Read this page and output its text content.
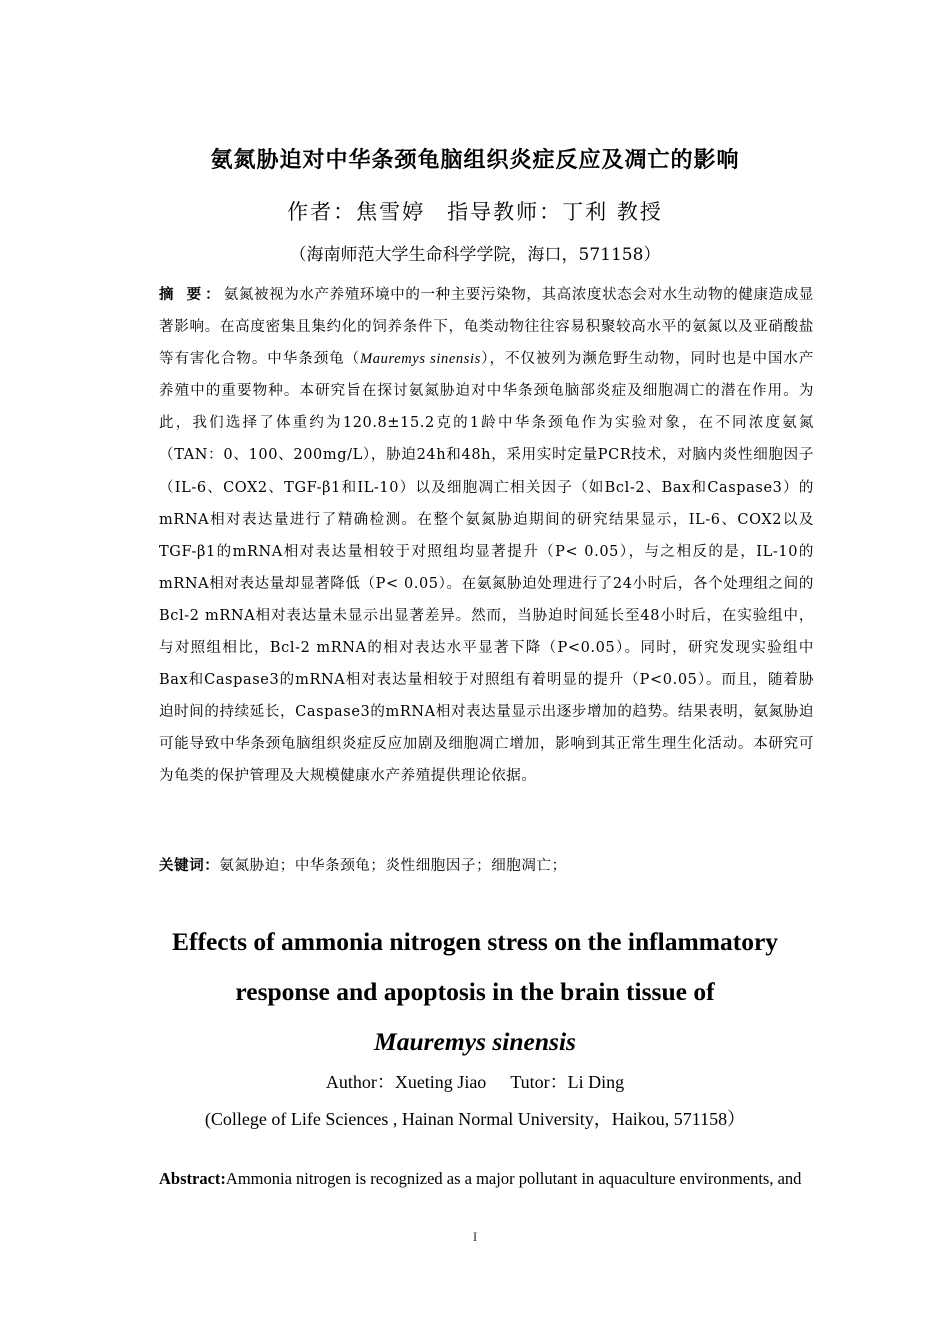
氨氮胁迫对中华条颈龟脑组织炎症反应及凋亡的影响
作者：焦雪婷 指导教师：丁利 教授
（海南师范大学生命科学学院，海口，571158）
摘 要：氨氮被视为水产养殖环境中的一种主要污染物，其高浓度状态会对水生动物的健康造成显著影响。在高度密集且集约化的饲养条件下，龟类动物往往容易积聚较高水平的氨氮以及亚硝酸盐等有害化合物。中华条颈龟（Mauremys sinensis），不仅被列为濒危野生动物，同时也是中国水产养殖中的重要物种。本研究旨在探讨氨氮胁迫对中华条颈龟脑部炎症及细胞凋亡的潜在作用。为此，我们选择了体重约为120.8±15.2克的1龄中华条颈龟作为实验对象，在不同浓度氨氮（TAN：0、100、200mg/L），胁迫24h和48h，采用实时定量PCR技术，对脑内炎性细胞因子（IL-6、COX2、TGF-β1和IL-10）以及细胞凋亡相关因子（如Bcl-2、Bax和Caspase3）的mRNA相对表达量进行了精确检测。在整个氨氮胁迫期间的研究结果显示，IL-6、COX2以及TGF-β1的mRNA相对表达量相较于对照组均显著提升（P< 0.05），与之相反的是，IL-10的mRNA相对表达量却显著降低（P< 0.05）。在氨氮胁迫处理进行了24小时后，各个处理组之间的Bcl-2 mRNA相对表达量未显示出显著差异。然而，当胁迫时间延长至48小时后，在实验组中，与对照组相比，Bcl-2 mRNA的相对表达水平显著下降（P<0.05）。同时，研究发现实验组中Bax和Caspase3的mRNA相对表达量相较于对照组有着明显的提升（P<0.05）。而且，随着胁迫时间的持续延长，Caspase3的mRNA相对表达量显示出逐步增加的趋势。结果表明，氨氮胁迫可能导致中华条颈龟脑组织炎症反应加剧及细胞凋亡增加，影响到其正常生理生化活动。本研究可为龟类的保护管理及大规模健康水产养殖提供理论依据。
关键词：氨氮胁迫；中华条颈龟；炎性细胞因子；细胞凋亡；
Effects of ammonia nitrogen stress on the inflammatory
response and apoptosis in the brain tissue of
Mauremys sinensis
Author：Xueting Jiao Tutor：Li Ding
(College of Life Sciences , Hainan Normal University，Haikou, 571158）
Abstract:Ammonia nitrogen is recognized as a major pollutant in aquaculture environments, and
I
